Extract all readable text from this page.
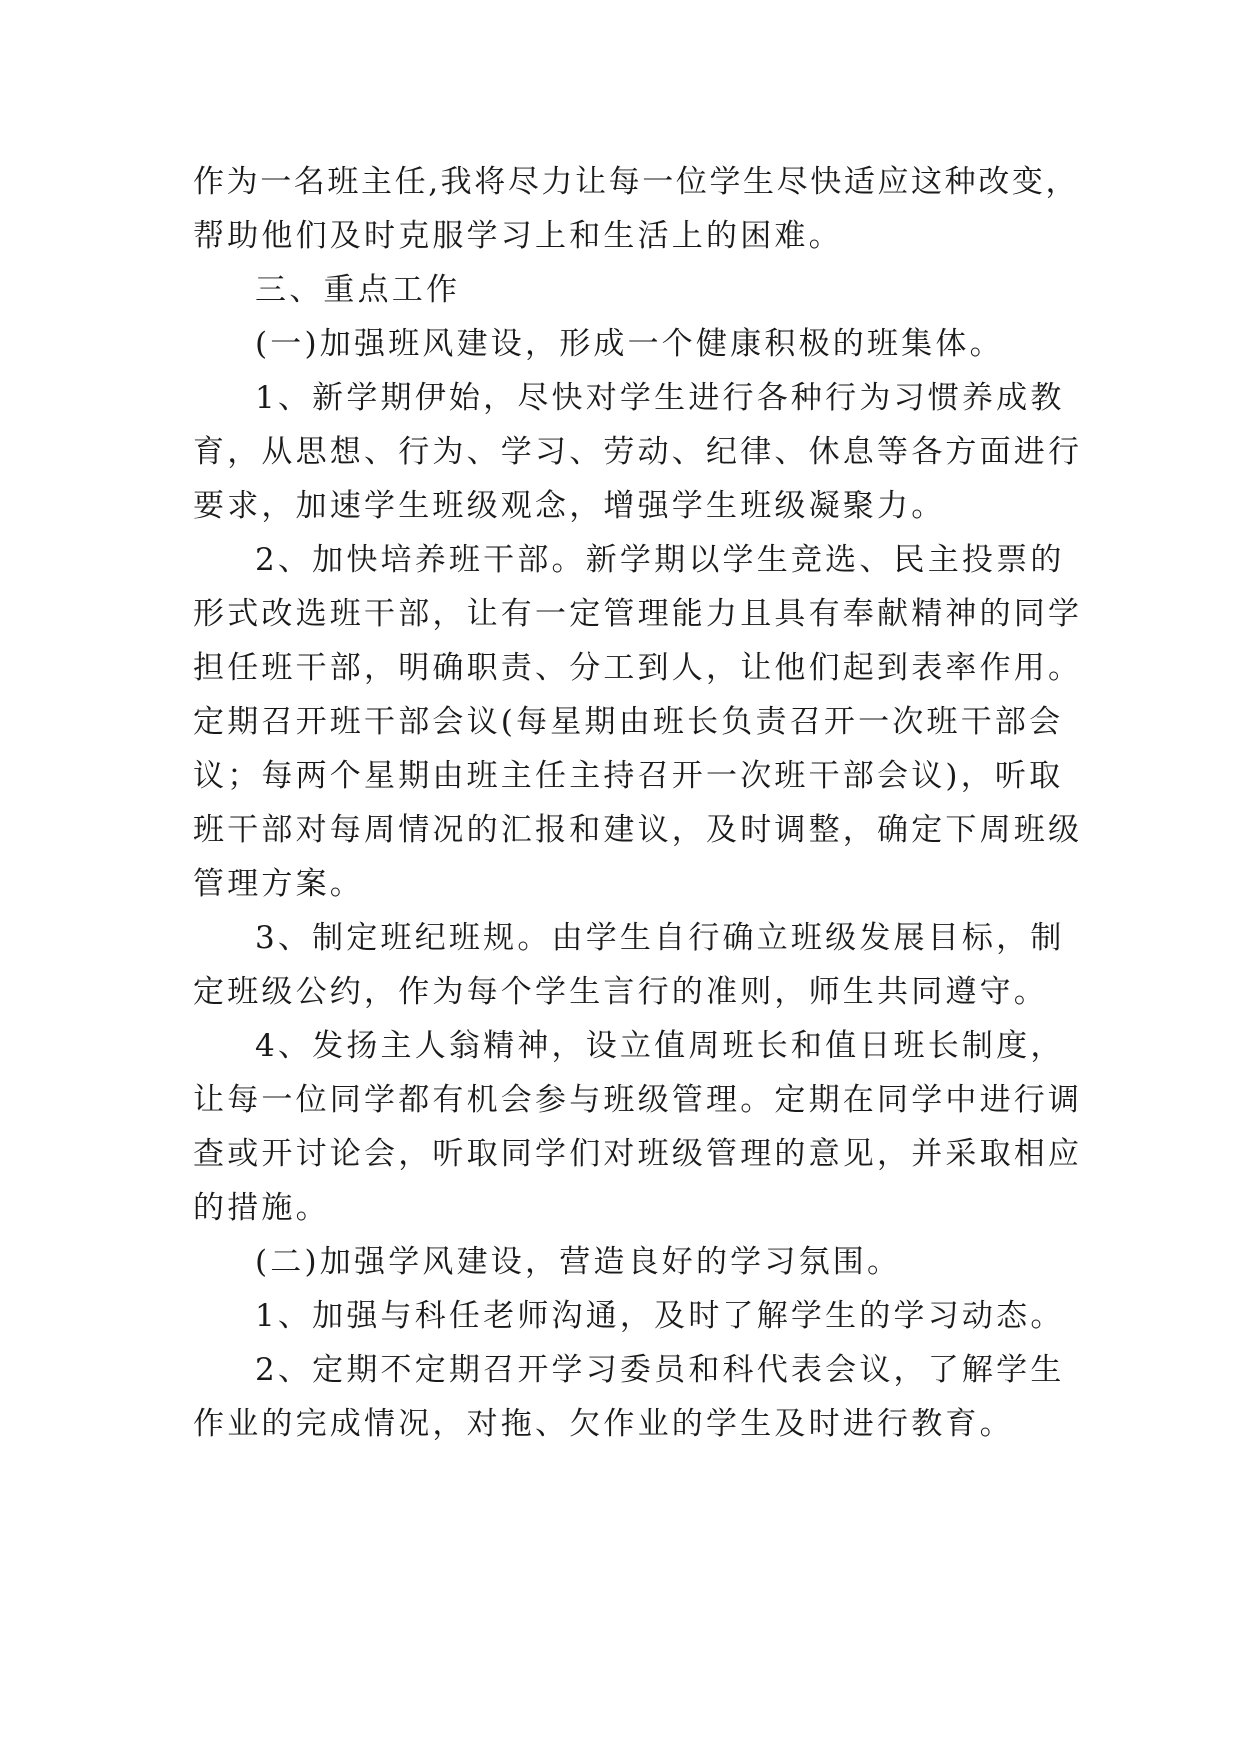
作为一名班主任,我将尽力让每一位学生尽快适应这种改变，
帮助他们及时克服学习上和生活上的困难。
三、重点工作
(一)加强班风建设，形成一个健康积极的班集体。
1、新学期伊始，尽快对学生进行各种行为习惯养成教
育，从思想、行为、学习、劳动、纪律、休息等各方面进行
要求，加速学生班级观念，增强学生班级凝聚力。
2、加快培养班干部。新学期以学生竞选、民主投票的
形式改选班干部，让有一定管理能力且具有奉献精神的同学
担任班干部，明确职责、分工到人，让他们起到表率作用。
定期召开班干部会议(每星期由班长负责召开一次班干部会
议；每两个星期由班主任主持召开一次班干部会议)，听取
班干部对每周情况的汇报和建议，及时调整，确定下周班级
管理方案。
3、制定班纪班规。由学生自行确立班级发展目标，制
定班级公约，作为每个学生言行的准则，师生共同遵守。
4、发扬主人翁精神，设立值周班长和值日班长制度，
让每一位同学都有机会参与班级管理。定期在同学中进行调
查或开讨论会，听取同学们对班级管理的意见，并采取相应
的措施。
(二)加强学风建设，营造良好的学习氛围。
1、加强与科任老师沟通，及时了解学生的学习动态。
2、定期不定期召开学习委员和科代表会议，了解学生
作业的完成情况，对拖、欠作业的学生及时进行教育。
